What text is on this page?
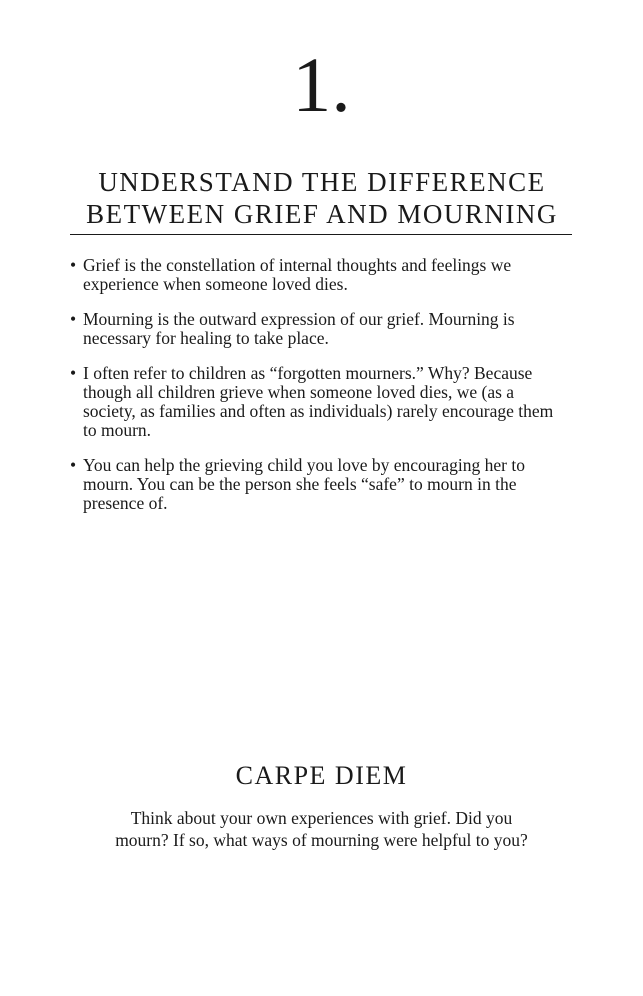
1.
UNDERSTAND THE DIFFERENCE
BETWEEN GRIEF AND MOURNING
• Grief is the constellation of internal thoughts and feelings we experience when someone loved dies.
• Mourning is the outward expression of our grief. Mourning is necessary for healing to take place.
• I often refer to children as “forgotten mourners.” Why? Because though all children grieve when someone loved dies, we (as a society, as families and often as individuals) rarely encourage them to mourn.
• You can help the grieving child you love by encouraging her to mourn. You can be the person she feels “safe” to mourn in the presence of.
CARPE DIEM

Think about your own experiences with grief. Did you
mourn? If so, what ways of mourning were helpful to you?
